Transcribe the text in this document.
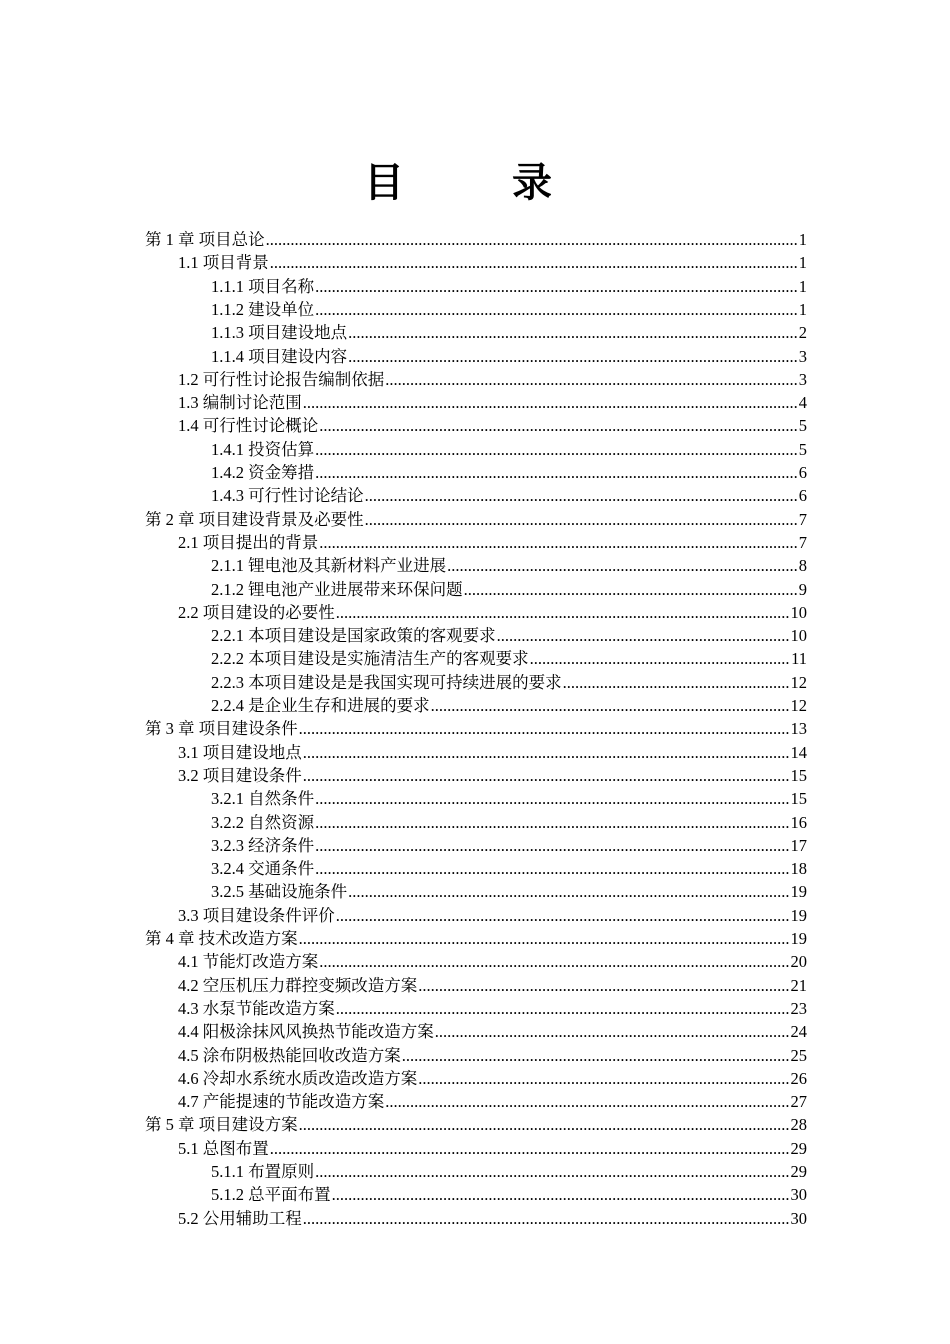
目　录
第 1 章 项目总论 .....	1
1.1 项目背景 .....	1
1.1.1 项目名称 .....	1
1.1.2 建设单位 .....	1
1.1.3 项目建设地点 .....	2
1.1.4 项目建设内容 .....	3
1.2 可行性讨论报告编制依据 .....	3
1.3 编制讨论范围 .....	4
1.4 可行性讨论概论 .....	5
1.4.1 投资估算 .....	5
1.4.2 资金筹措 .....	6
1.4.3 可行性讨论结论 .....	6
第 2 章 项目建设背景及必要性 .....	7
2.1 项目提出的背景 .....	7
2.1.1 锂电池及其新材料产业进展 .....	8
2.1.2 锂电池产业进展带来环保问题 .....	9
2.2 项目建设的必要性 .....	10
2.2.1 本项目建设是国家政策的客观要求 .....	10
2.2.2 本项目建设是实施清洁生产的客观要求 .....	11
2.2.3 本项目建设是是我国实现可持续进展的要求 .....	12
2.2.4 是企业生存和进展的要求 .....	12
第 3 章 项目建设条件 .....	13
3.1 项目建设地点 .....	14
3.2 项目建设条件 .....	15
3.2.1 自然条件 .....	15
3.2.2 自然资源 .....	16
3.2.3 经济条件 .....	17
3.2.4 交通条件 .....	18
3.2.5 基础设施条件 .....	19
3.3 项目建设条件评价 .....	19
第 4 章 技术改造方案 .....	19
4.1 节能灯改造方案 .....	20
4.2 空压机压力群控变频改造方案 .....	21
4.3 水泵节能改造方案 .....	23
4.4 阳极涂抹风风换热节能改造方案 .....	24
4.5 涂布阴极热能回收改造方案 .....	25
4.6 冷却水系统水质改造改造方案 .....	26
4.7 产能提速的节能改造方案 .....	27
第 5 章 项目建设方案 .....	28
5.1 总图布置 .....	29
5.1.1 布置原则 .....	29
5.1.2 总平面布置 .....	30
5.2 公用辅助工程 .....	30
